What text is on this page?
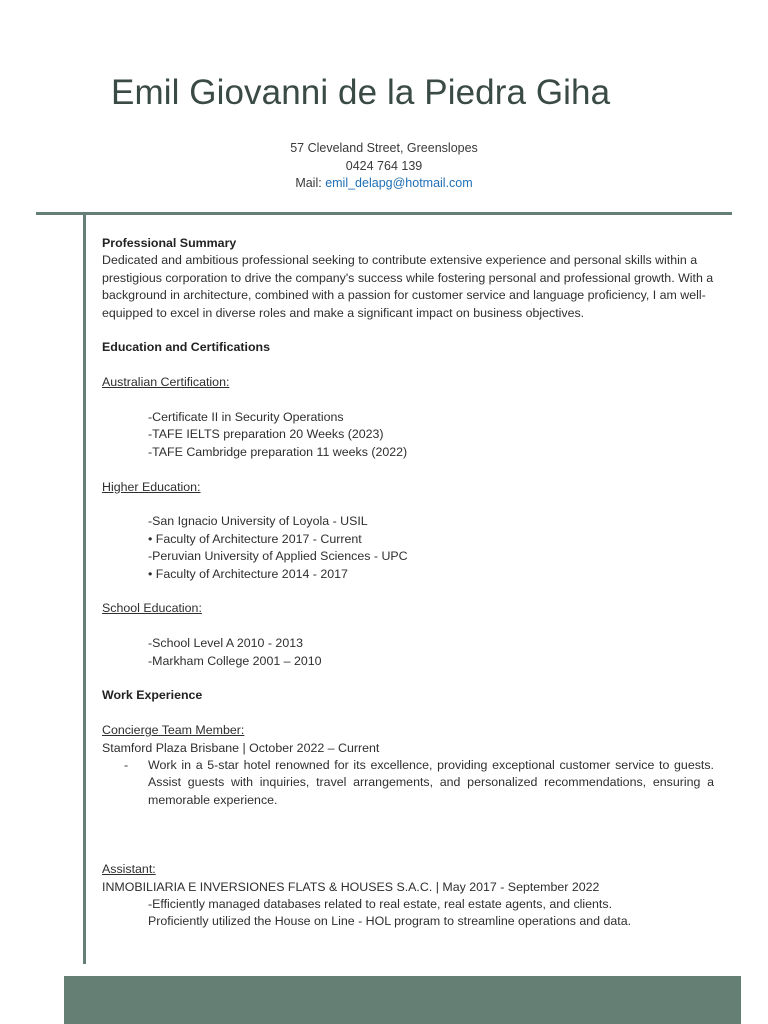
Emil Giovanni de la Piedra Giha
57 Cleveland Street, Greenslopes
0424 764 139
Mail: emil_delapg@hotmail.com

Professional Summary

Dedicated and ambitious professional seeking to contribute extensive experience and personal skills within a prestigious corporation to drive the company's success while fostering personal and professional growth. With a background in architecture, combined with a passion for customer service and language proficiency, I am well-equipped to excel in diverse roles and make a significant impact on business objectives.

Education and Certifications

Australian Certification:

-Certificate II in Security Operations

-TAFE IELTS preparation 20 Weeks (2023)

-TAFE Cambridge preparation 11 weeks (2022)

Higher Education:

-San Ignacio University of Loyola - USIL

• Faculty of Architecture 2017 - Current

-Peruvian University of Applied Sciences - UPC

• Faculty of Architecture 2014 - 2017

School Education:

-School Level A 2010 - 2013

-Markham College 2001 – 2010

Work Experience

Concierge Team Member:

Stamford Plaza Brisbane | October 2022 – Current

-	Work in a 5-star hotel renowned for its excellence, providing exceptional customer service to guests. Assist guests with inquiries, travel arrangements, and personalized recommendations, ensuring a memorable experience.

Assistant:

INMOBILIARIA E INVERSIONES FLATS & HOUSES S.A.C. | May 2017 - September 2022

-Efficiently managed databases related to real estate, real estate agents, and clients.

Proficiently utilized the House on Line - HOL program to streamline operations and data.
